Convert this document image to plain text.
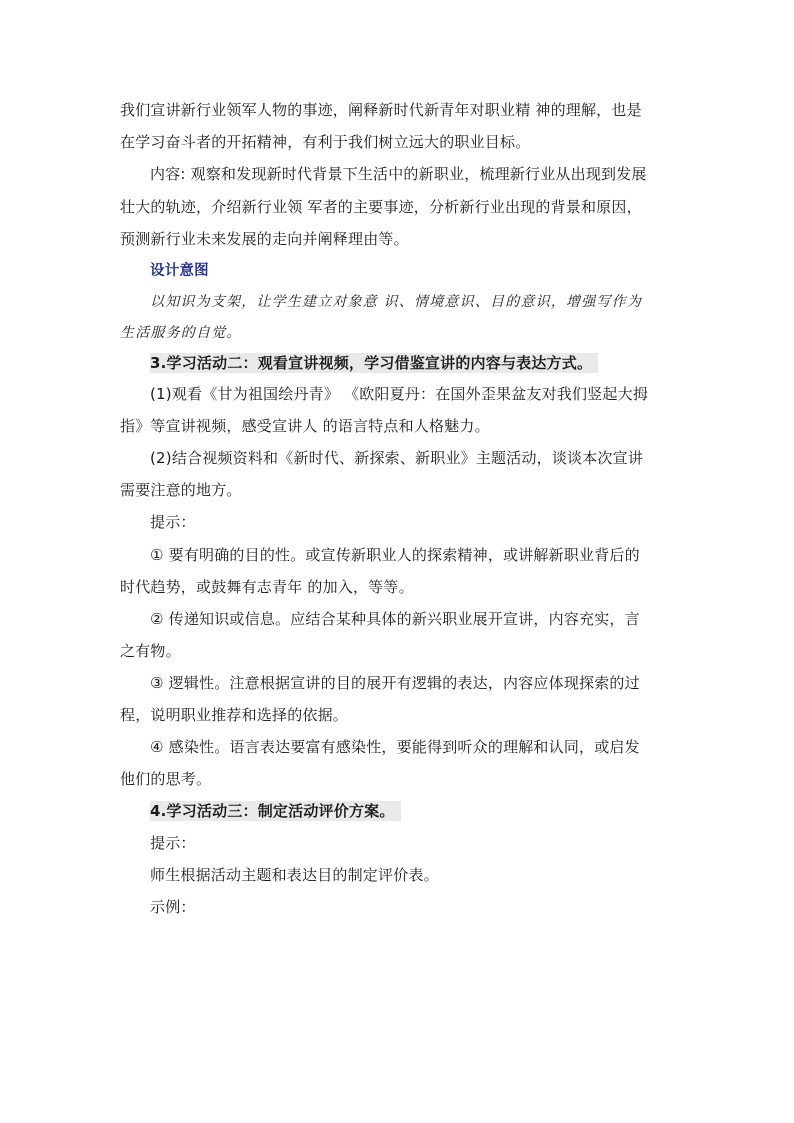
我们宣讲新行业领军人物的事迹，阐释新时代新青年对职业精 神的理解，也是
在学习奋斗者的开拓精神，有利于我们树立远大的职业目标。
内容: 观察和发现新时代背景下生活中的新职业，梳理新行业从出现到发展
壮大的轨迹，介绍新行业领 军者的主要事迹，分析新行业出现的背景和原因，
预测新行业未来发展的走向并阐释理由等。
设计意图
以知识为支架，让学生建立对象意 识、情境意识、目的意识，增强写作为
生活服务的自觉。
3.学习活动二：观看宣讲视频，学习借鉴宣讲的内容与表达方式。
(1)观看《甘为祖国绘丹青》 《欧阳夏丹：在国外歪果盆友对我们竖起大拇
指》等宣讲视频，感受宣讲人 的语言特点和人格魅力。
(2)结合视频资料和《新时代、新探索、新职业》主题活动，谈谈本次宣讲
需要注意的地方。
提示：
① 要有明确的目的性。或宣传新职业人的探索精神，或讲解新职业背后的
时代趋势，或鼓舞有志青年 的加入，等等。
② 传递知识或信息。应结合某种具体的新兴职业展开宣讲，内容充实，言
之有物。
③ 逻辑性。注意根据宣讲的目的展开有逻辑的表达，内容应体现探索的过
程，说明职业推荐和选择的依据。
④ 感染性。语言表达要富有感染性，要能得到听众的理解和认同，或启发
他们的思考。
4.学习活动三：制定活动评价方案。
提示：
师生根据活动主题和表达目的制定评价表。
示例：
